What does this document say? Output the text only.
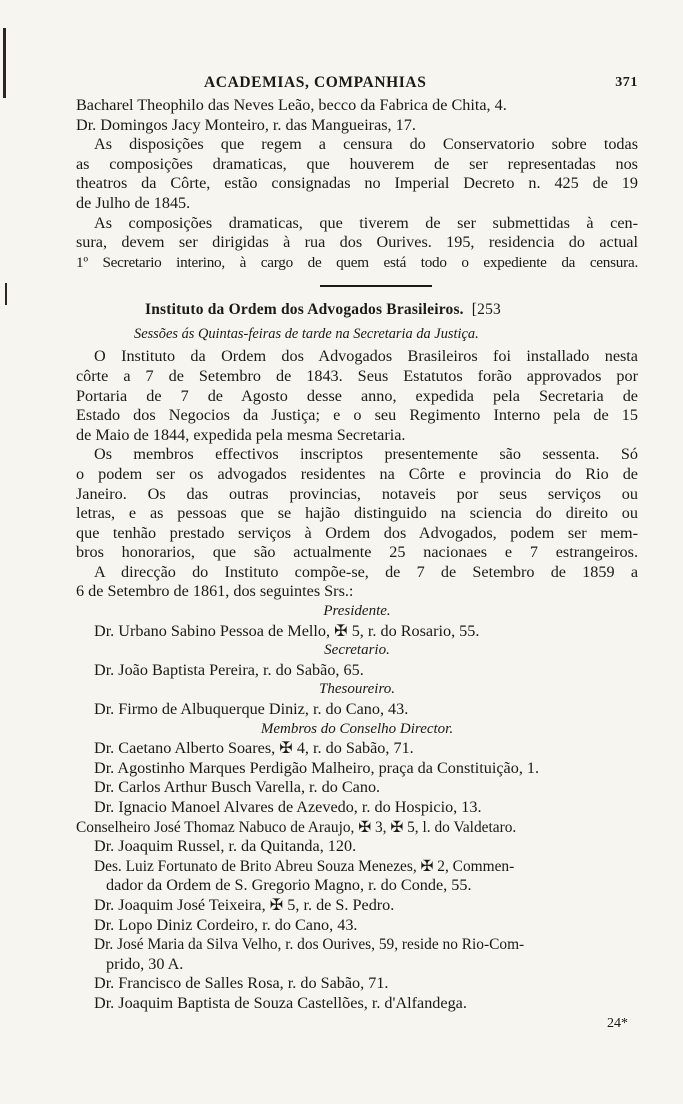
ACADEMIAS, COMPANHIAS	371
Bacharel Theophilo das Neves Leão, becco da Fabrica de Chita, 4.
Dr. Domingos Jacy Monteiro, r. das Mangueiras, 17.
As disposições que regem a censura do Conservatorio sobre todas
as composições dramaticas, que houverem de ser representadas nos
theatros da Côrte, estão consignadas no Imperial Decreto n. 425 de 19
de Julho de 1845.
As composições dramaticas, que tiverem de ser submettidas à cen-
sura, devem ser dirigidas à rua dos Ourives. 195, residencia do actual
1º Secretario interino, à cargo de quem está todo o expediente da censura.
Instituto da Ordem dos Advogados Brasileiros. [253
Sessões ás Quintas-feiras de tarde na Secretaria da Justiça.
O Instituto da Ordem dos Advogados Brasileiros foi installado nesta
côrte a 7 de Setembro de 1843. Seus Estatutos forão approvados por
Portaria de 7 de Agosto desse anno, expedida pela Secretaria de
Estado dos Negocios da Justiça; e o seu Regimento Interno pela de 15
de Maio de 1844, expedida pela mesma Secretaria.
Os membros effectivos inscriptos presentemente são sessenta. Só
o podem ser os advogados residentes na Côrte e provincia do Rio de
Janeiro. Os das outras provincias, notaveis por seus serviços ou
letras, e as pessoas que se hajão distinguido na sciencia do direito ou
que tenhão prestado serviços à Ordem dos Advogados, podem ser mem-
bros honorarios, que são actualmente 25 nacionaes e 7 estrangeiros.
A direcção do Instituto compõe-se, de 7 de Setembro de 1859 a
6 de Setembro de 1861, dos seguintes Srs.:
Presidente.
Dr. Urbano Sabino Pessoa de Mello, ✠ 5, r. do Rosario, 55.
Secretario.
Dr. João Baptista Pereira, r. do Sabão, 65.
Thesoureiro.
Dr. Firmo de Albuquerque Diniz, r. do Cano, 43.
Membros do Conselho Director.
Dr. Caetano Alberto Soares, ✠ 4, r. do Sabão, 71.
Dr. Agostinho Marques Perdigão Malheiro, praça da Constituição, 1.
Dr. Carlos Arthur Busch Varella, r. do Cano.
Dr. Ignacio Manoel Alvares de Azevedo, r. do Hospicio, 13.
Conselheiro José Thomaz Nabuco de Araujo, ✠ 3, ✠ 5, l. do Valdetaro.
Dr. Joaquim Russel, r. da Quitanda, 120.
Des. Luiz Fortunato de Brito Abreu Souza Menezes, ✠ 2, Commen-
dador da Ordem de S. Gregorio Magno, r. do Conde, 55.
Dr. Joaquim José Teixeira, ✠ 5, r. de S. Pedro.
Dr. Lopo Diniz Cordeiro, r. do Cano, 43.
Dr. José Maria da Silva Velho, r. dos Ourives, 59, reside no Rio-Com-
prido, 30 A.
Dr. Francisco de Salles Rosa, r. do Sabão, 71.
Dr. Joaquim Baptista de Souza Castellões, r. d'Alfandega.
24*
